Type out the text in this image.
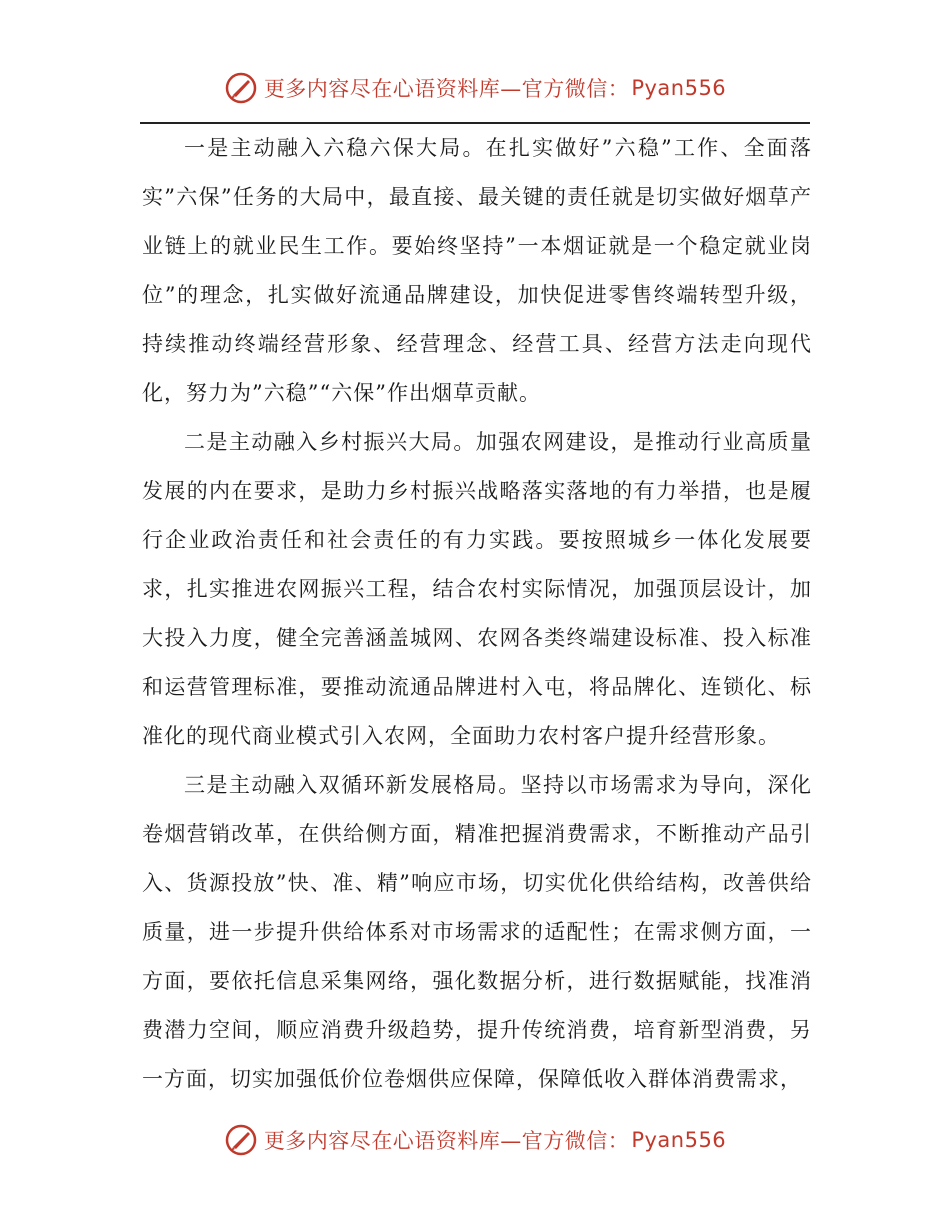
更多内容尽在心语资料库—官方微信： Pyan556

一是主动融入六稳六保大局。在扎实做好”六稳”工作、全面落实”六保”任务的大局中，最直接、最关键的责任就是切实做好烟草产业链上的就业民生工作。要始终坚持”一本烟证就是一个稳定就业岗位”的理念，扎实做好流通品牌建设，加快促进零售终端转型升级，持续推动终端经营形象、经营理念、经营工具、经营方法走向现代化，努力为”六稳”“六保”作出烟草贡献。

二是主动融入乡村振兴大局。加强农网建设，是推动行业高质量发展的内在要求，是助力乡村振兴战略落实落地的有力举措，也是履行企业政治责任和社会责任的有力实践。要按照城乡一体化发展要求，扎实推进农网振兴工程，结合农村实际情况，加强顶层设计，加大投入力度，健全完善涵盖城网、农网各类终端建设标准、投入标准和运营管理标准，要推动流通品牌进村入屯，将品牌化、连锁化、标准化的现代商业模式引入农网，全面助力农村客户提升经营形象。

三是主动融入双循环新发展格局。坚持以市场需求为导向，深化卷烟营销改革，在供给侧方面，精准把握消费需求，不断推动产品引入、货源投放”快、准、精”响应市场，切实优化供给结构，改善供给质量，进一步提升供给体系对市场需求的适配性；在需求侧方面，一方面，要依托信息采集网络，强化数据分析，进行数据赋能，找准消费潜力空间，顺应消费升级趋势，提升传统消费，培育新型消费，另一方面，切实加强低价位卷烟供应保障，保障低收入群体消费需求，

更多内容尽在心语资料库—官方微信： Pyan556
